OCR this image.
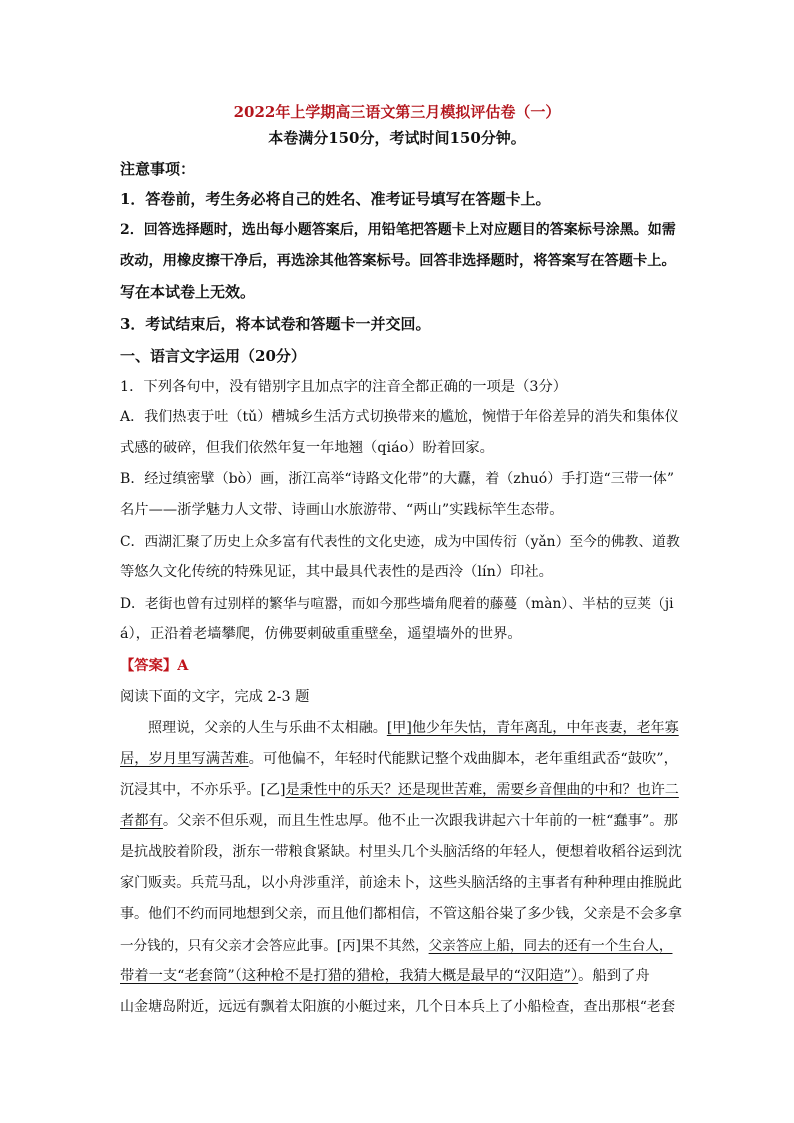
2022年上学期高三语文第三月模拟评估卷（一）
本卷满分150分，考试时间150分钟。
注意事项：
1．答卷前，考生务必将自己的姓名、准考证号填写在答题卡上。
2．回答选择题时，选出每小题答案后，用铅笔把答题卡上对应题目的答案标号涂黑。如需
改动，用橡皮擦干净后，再选涂其他答案标号。回答非选择题时，将答案写在答题卡上。
写在本试卷上无效。
3．考试结束后，将本试卷和答题卡一并交回。
一、语言文字运用（20分）
1．下列各句中，没有错别字且加点字的注音全都正确的一项是（3分）
A．我们热衷于吐（tǔ）槽城乡生活方式切换带来的尴尬，惋惜于年俗差异的消失和集体仪
式感的破碎，但我们依然年复一年地翘（qiáo）盼着回家。
B．经过缜密擘（bò）画，浙江高举“诗路文化带”的大纛，着（zhuó）手打造“三带一体”
名片——浙学魅力人文带、诗画山水旅游带、“两山”实践标竿生态带。
C．西湖汇聚了历史上众多富有代表性的文化史迹，成为中国传衍（yǎn）至今的佛教、道教
等悠久文化传统的特殊见证，其中最具代表性的是西泠（lín）印社。
D．老街也曾有过别样的繁华与喧嚣，而如今那些墙角爬着的藤蔓（màn）、半枯的豆荚（ji
á），正沿着老墙攀爬，仿佛要刺破重重壁垒，遥望墙外的世界。
【答案】A
阅读下面的文字，完成 2-3 题
照理说，父亲的人生与乐曲不太相融。[甲]他少年失怙，青年离乱，中年丧妻，老年寡
居，岁月里写满苦难。可他偏不，年轻时代能默记整个戏曲脚本，老年重组武岙“鼓吹”，
沉浸其中，不亦乐乎。[乙]是秉性中的乐天？还是现世苦难，需要乡音俚曲的中和？也许二
者都有。父亲不但乐观，而且生性忠厚。他不止一次跟我讲起六十年前的一桩“蠢事”。那
是抗战胶着阶段，浙东一带粮食紧缺。村里头几个头脑活络的年轻人，便想着收稻谷运到沈
家门贩卖。兵荒马乱，以小舟涉重洋，前途未卜，这些头脑活络的主事者有种种理由推脱此
事。他们不约而同地想到父亲，而且他们都相信，不管这船谷粜了多少钱，父亲是不会多拿
一分钱的，只有父亲才会答应此事。[丙]果不其然，父亲答应上船，同去的还有一个生台人，
带着一支“老套筒”（这种枪不是打猎的猎枪，我猜大概是最早的“汉阳造”）。船到了舟
山金塘岛附近，远远有飘着太阳旗的小艇过来，几个日本兵上了小船检查，查出那根“老套
